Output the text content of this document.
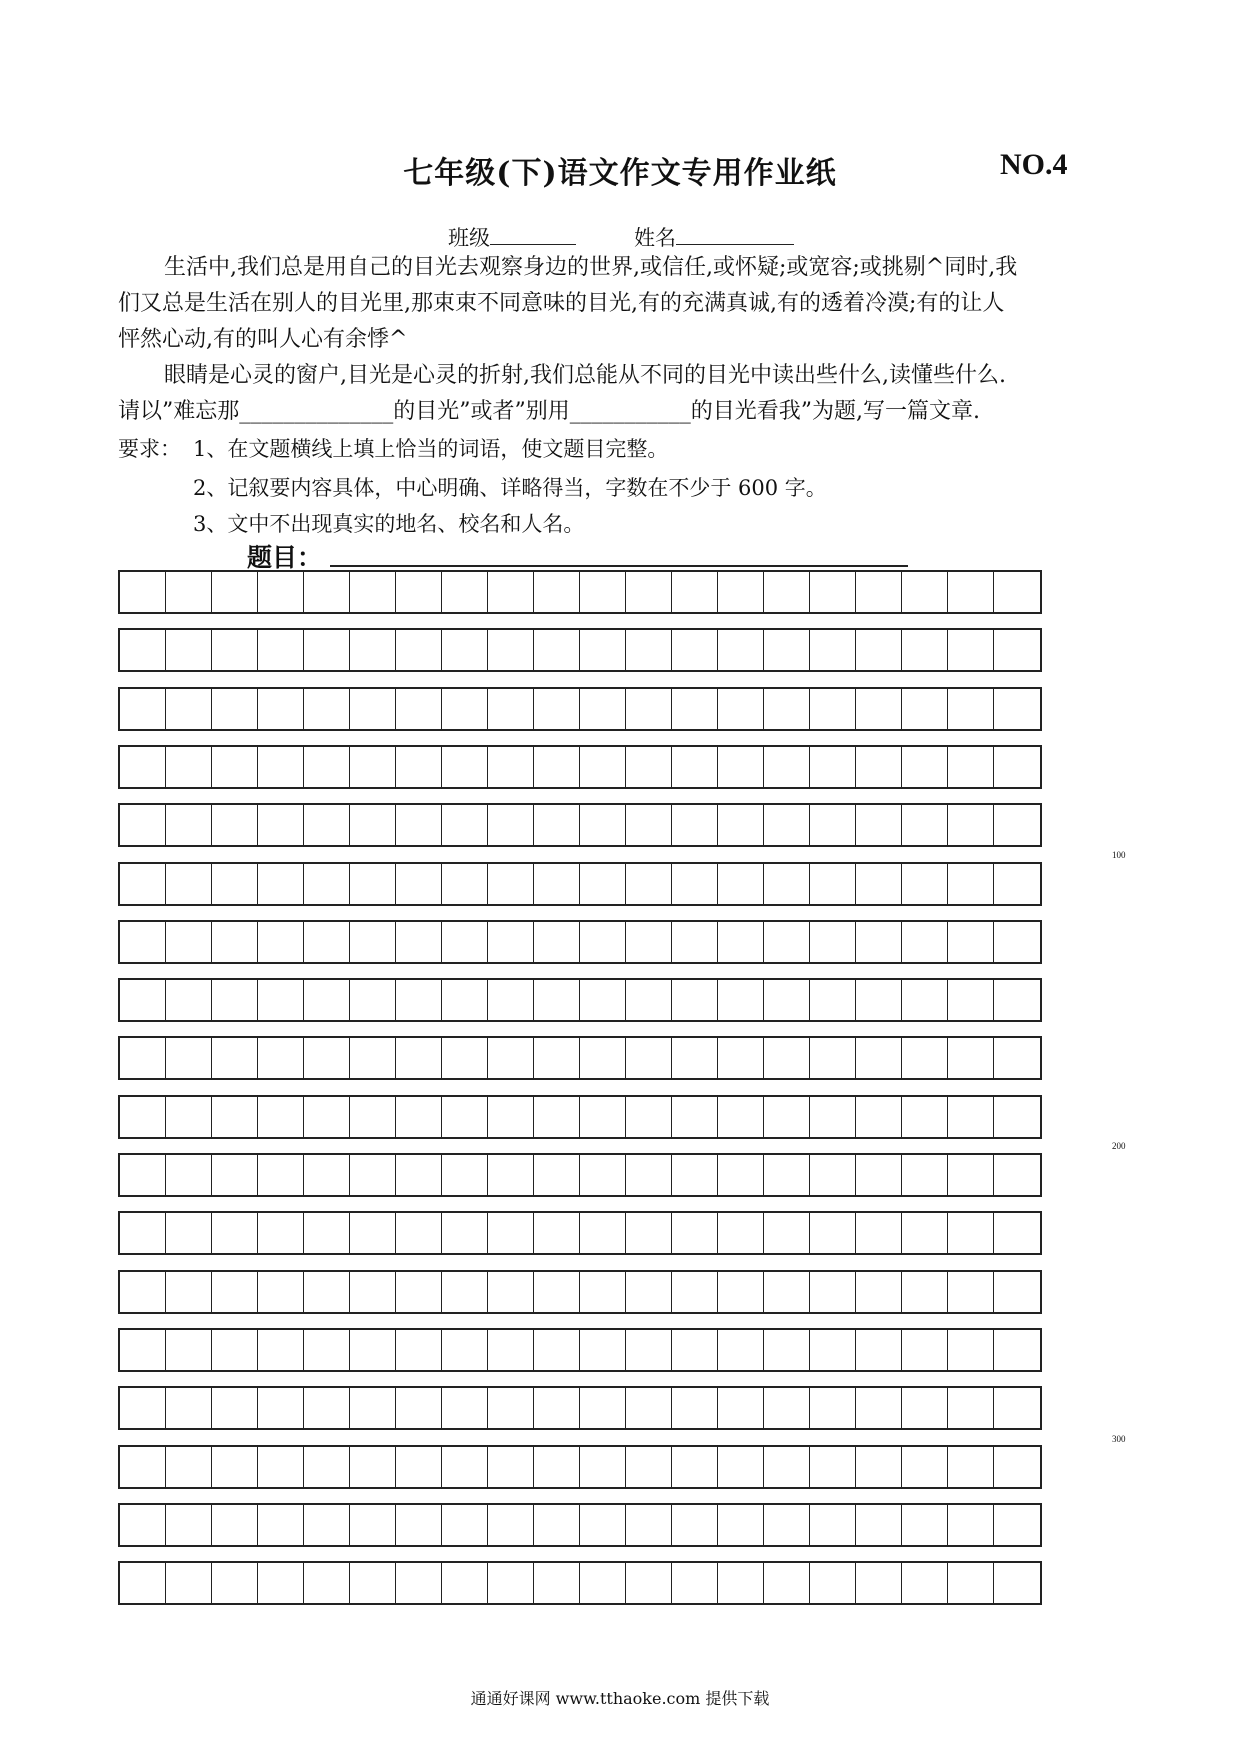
七年级(下)语文作文专用作业纸	NO.4
班级	姓名
生活中,我们总是用自己的目光去观察身边的世界,或信任,或怀疑;或宽容;或挑剔^同时,我
们又总是生活在别人的目光里,那束束不同意味的目光,有的充满真诚,有的透着冷漠;有的让人
怦然心动,有的叫人心有余悸^
眼睛是心灵的窗户,目光是心灵的折射,我们总能从不同的目光中读出些什么,读懂些什么.
请以”难忘那______________的目光”或者”别用___________的目光看我”为题,写一篇文章.
要求： 1、在文题横线上填上恰当的词语，使文题目完整。
2、记叙要内容具体，中心明确、详略得当，字数在不少于 600 字。
3、文中不出现真实的地名、校名和人名。
题目：
100
200
300
通通好课网 www.tthaoke.com 提供下载
